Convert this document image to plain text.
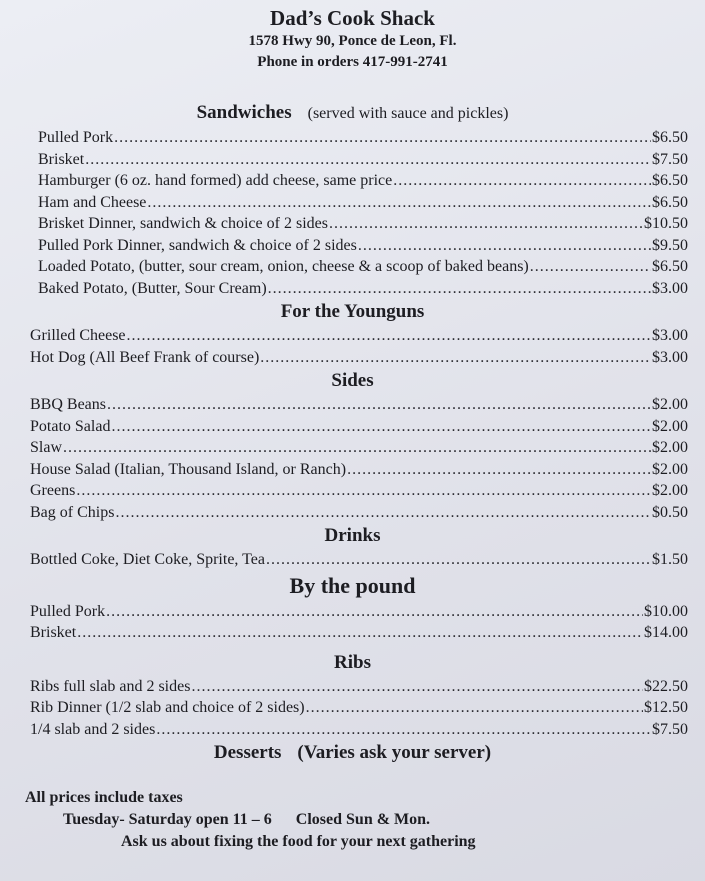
Dad’s Cook Shack
1578 Hwy 90, Ponce de Leon, Fl.
Phone in orders 417-991-2741
Sandwiches (served with sauce and pickles)
Pulled Pork .....	$6.50
Brisket .....	$7.50
Hamburger (6 oz. hand formed) add cheese, same price .....	$6.50
Ham and Cheese .....	$6.50
Brisket Dinner, sandwich & choice of 2 sides .....	$10.50
Pulled Pork Dinner, sandwich & choice of 2 sides .....	$9.50
Loaded Potato, (butter, sour cream, onion, cheese & a scoop of baked beans) .....	$6.50
Baked Potato, (Butter, Sour Cream) .....	$3.00
For the Younguns
Grilled Cheese .....	$3.00
Hot Dog (All Beef Frank of course) .....	$3.00
Sides
BBQ Beans .....	$2.00
Potato Salad .....	$2.00
Slaw .....	$2.00
House Salad (Italian, Thousand Island, or Ranch) .....	$2.00
Greens .....	$2.00
Bag of Chips .....	$0.50
Drinks
Bottled Coke, Diet Coke, Sprite, Tea .....	$1.50
By the pound
Pulled Pork .....	$10.00
Brisket .....	$14.00
Ribs
Ribs full slab and 2 sides .....	$22.50
Rib Dinner (1/2 slab and choice of 2 sides) .....	$12.50
1/4 slab and 2 sides .....	$7.50
Desserts (Varies ask your server)
All prices include taxes
Tuesday- Saturday open 11 – 6 Closed Sun & Mon.
Ask us about fixing the food for your next gathering
